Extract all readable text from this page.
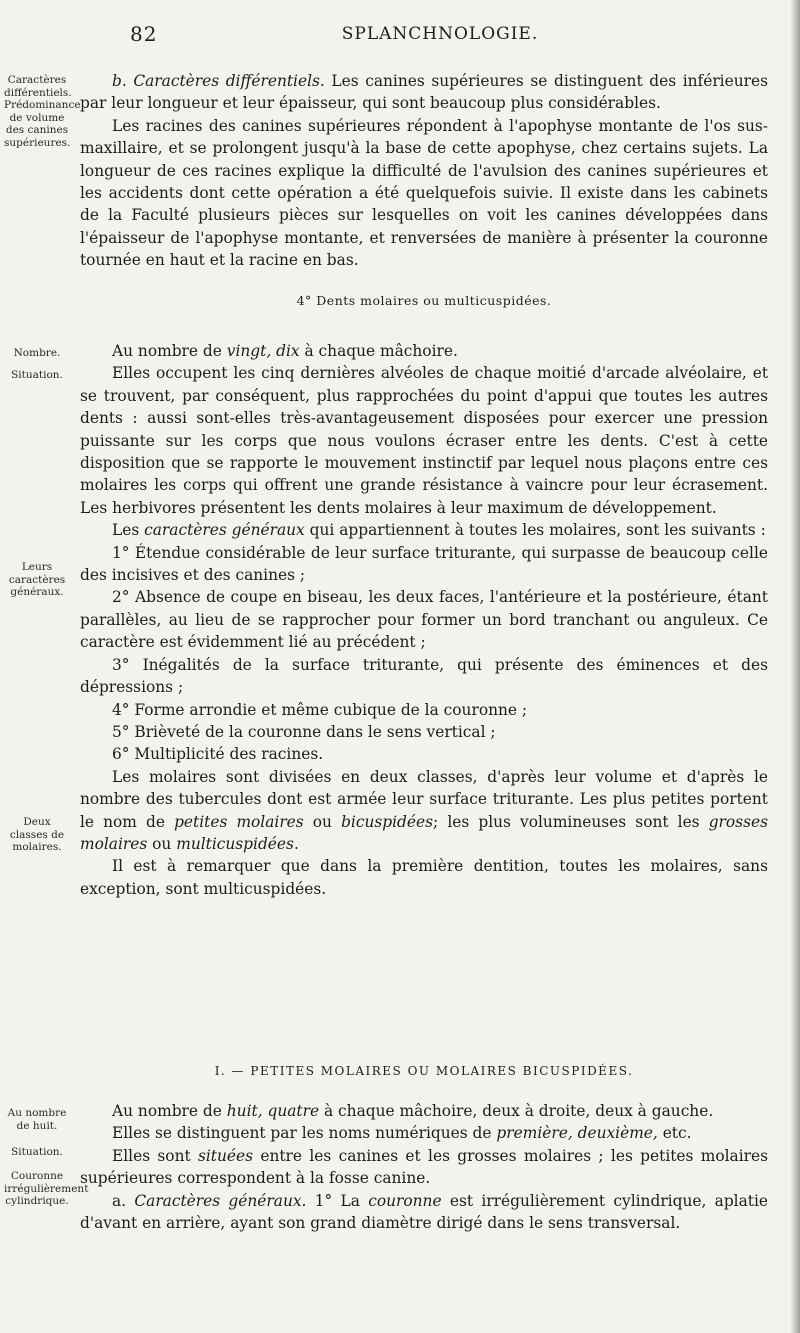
82	SPLANCHNOLOGIE.
Caractères différentiels. Prédominance de volume des canines supérieures.
Nombre.
Situation.
Leurs caractères généraux.
Deux classes de molaires.
Au nombre de huit.
Situation.
Couronne irrégulièrement cylindrique.

b. Caractères différentiels. Les canines supérieures se distinguent des inférieures par leur longueur et leur épaisseur, qui sont beaucoup plus considérables.

Les racines des canines supérieures répondent à l'apophyse montante de l'os sus-maxillaire, et se prolongent jusqu'à la base de cette apophyse, chez certains sujets. La longueur de ces racines explique la difficulté de l'avulsion des canines supérieures et les accidents dont cette opération a été quelquefois suivie. Il existe dans les cabinets de la Faculté plusieurs pièces sur lesquelles on voit les canines développées dans l'épaisseur de l'apophyse montante, et renversées de manière à présenter la couronne tournée en haut et la racine en bas.

4° Dents molaires ou multicuspidées.

Au nombre de vingt, dix à chaque mâchoire.

Elles occupent les cinq dernières alvéoles de chaque moitié d'arcade alvéolaire, et se trouvent, par conséquent, plus rapprochées du point d'appui que toutes les autres dents : aussi sont-elles très-avantageusement disposées pour exercer une pression puissante sur les corps que nous voulons écraser entre les dents. C'est à cette disposition que se rapporte le mouvement instinctif par lequel nous plaçons entre ces molaires les corps qui offrent une grande résistance à vaincre pour leur écrasement. Les herbivores présentent les dents molaires à leur maximum de développement.

Les caractères généraux qui appartiennent à toutes les molaires, sont les suivants :

1° Étendue considérable de leur surface triturante, qui surpasse de beaucoup celle des incisives et des canines ;

2° Absence de coupe en biseau, les deux faces, l'antérieure et la postérieure, étant parallèles, au lieu de se rapprocher pour former un bord tranchant ou anguleux. Ce caractère est évidemment lié au précédent ;

3° Inégalités de la surface triturante, qui présente des éminences et des dépressions ;

4° Forme arrondie et même cubique de la couronne ;

5° Brièveté de la couronne dans le sens vertical ;

6° Multiplicité des racines.

Les molaires sont divisées en deux classes, d'après leur volume et d'après le nombre des tubercules dont est armée leur surface triturante. Les plus petites portent le nom de petites molaires ou bicuspidées; les plus volumineuses sont les grosses molaires ou multicuspidées.

Il est à remarquer que dans la première dentition, toutes les molaires, sans exception, sont multicuspidées.

I. — PETITES MOLAIRES OU MOLAIRES BICUSPIDÉES.

Au nombre de huit, quatre à chaque mâchoire, deux à droite, deux à gauche.

Elles se distinguent par les noms numériques de première, deuxième, etc.

Elles sont situées entre les canines et les grosses molaires ; les petites molaires supérieures correspondent à la fosse canine.

a. Caractères généraux. 1° La couronne est irrégulièrement cylindrique, aplatie d'avant en arrière, ayant son grand diamètre dirigé dans le sens transversal.
